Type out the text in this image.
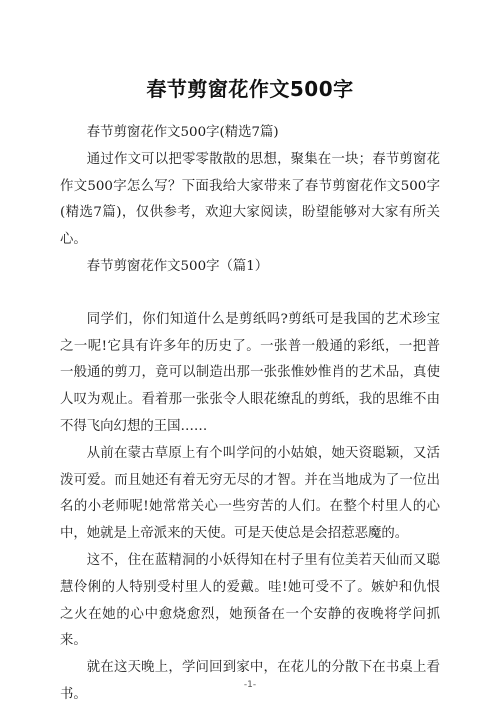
春节剪窗花作文500字

春节剪窗花作文500字(精选7篇)

通过作文可以把零零散散的思想，聚集在一块；春节剪窗花作文500字怎么写？下面我给大家带来了春节剪窗花作文500字(精选7篇)，仅供参考，欢迎大家阅读，盼望能够对大家有所关心。

春节剪窗花作文500字（篇1）

同学们，你们知道什么是剪纸吗?剪纸可是我国的艺术珍宝之一呢!它具有许多年的历史了。一张普一般通的彩纸，一把普一般通的剪刀，竟可以制造出那一张张惟妙惟肖的艺术品，真使人叹为观止。看着那一张张令人眼花缭乱的剪纸，我的思维不由不得飞向幻想的王国……

从前在蒙古草原上有个叫学问的小姑娘，她天资聪颖，又活泼可爱。而且她还有着无穷无尽的才智。并在当地成为了一位出名的小老师呢!她常常关心一些穷苦的人们。在整个村里人的心中，她就是上帝派来的天使。可是天使总是会招惹恶魔的。

这不，住在蓝精洞的小妖得知在村子里有位美若天仙而又聪慧伶俐的人特别受村里人的爱戴。哇!她可受不了。嫉妒和仇恨之火在她的心中愈烧愈烈，她预备在一个安静的夜晚将学问抓来。

就在这天晚上，学问回到家中，在花儿的分散下在书桌上看书。

-1-
